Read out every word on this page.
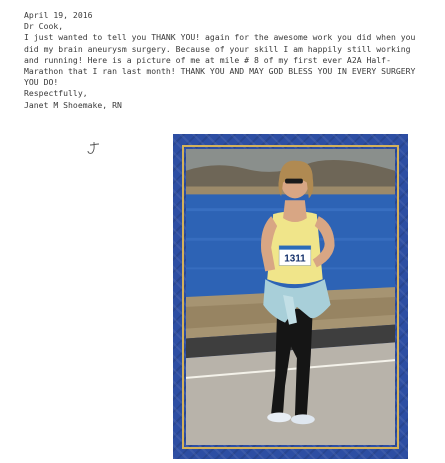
April 19, 2016
Dr Cook,
I just wanted to tell you THANK YOU! again for the awesome work you did when you did my brain aneurysm surgery. Because of your skill I am happily still working and running! Here is a picture of me at mile # 8 of my first ever A2A Half-Marathon that I ran last month! THANK YOU AND MAY GOD BLESS YOU IN EVERY SURGERY YOU DO!
Respectfully,
Janet M Shoemake, RN
1311
